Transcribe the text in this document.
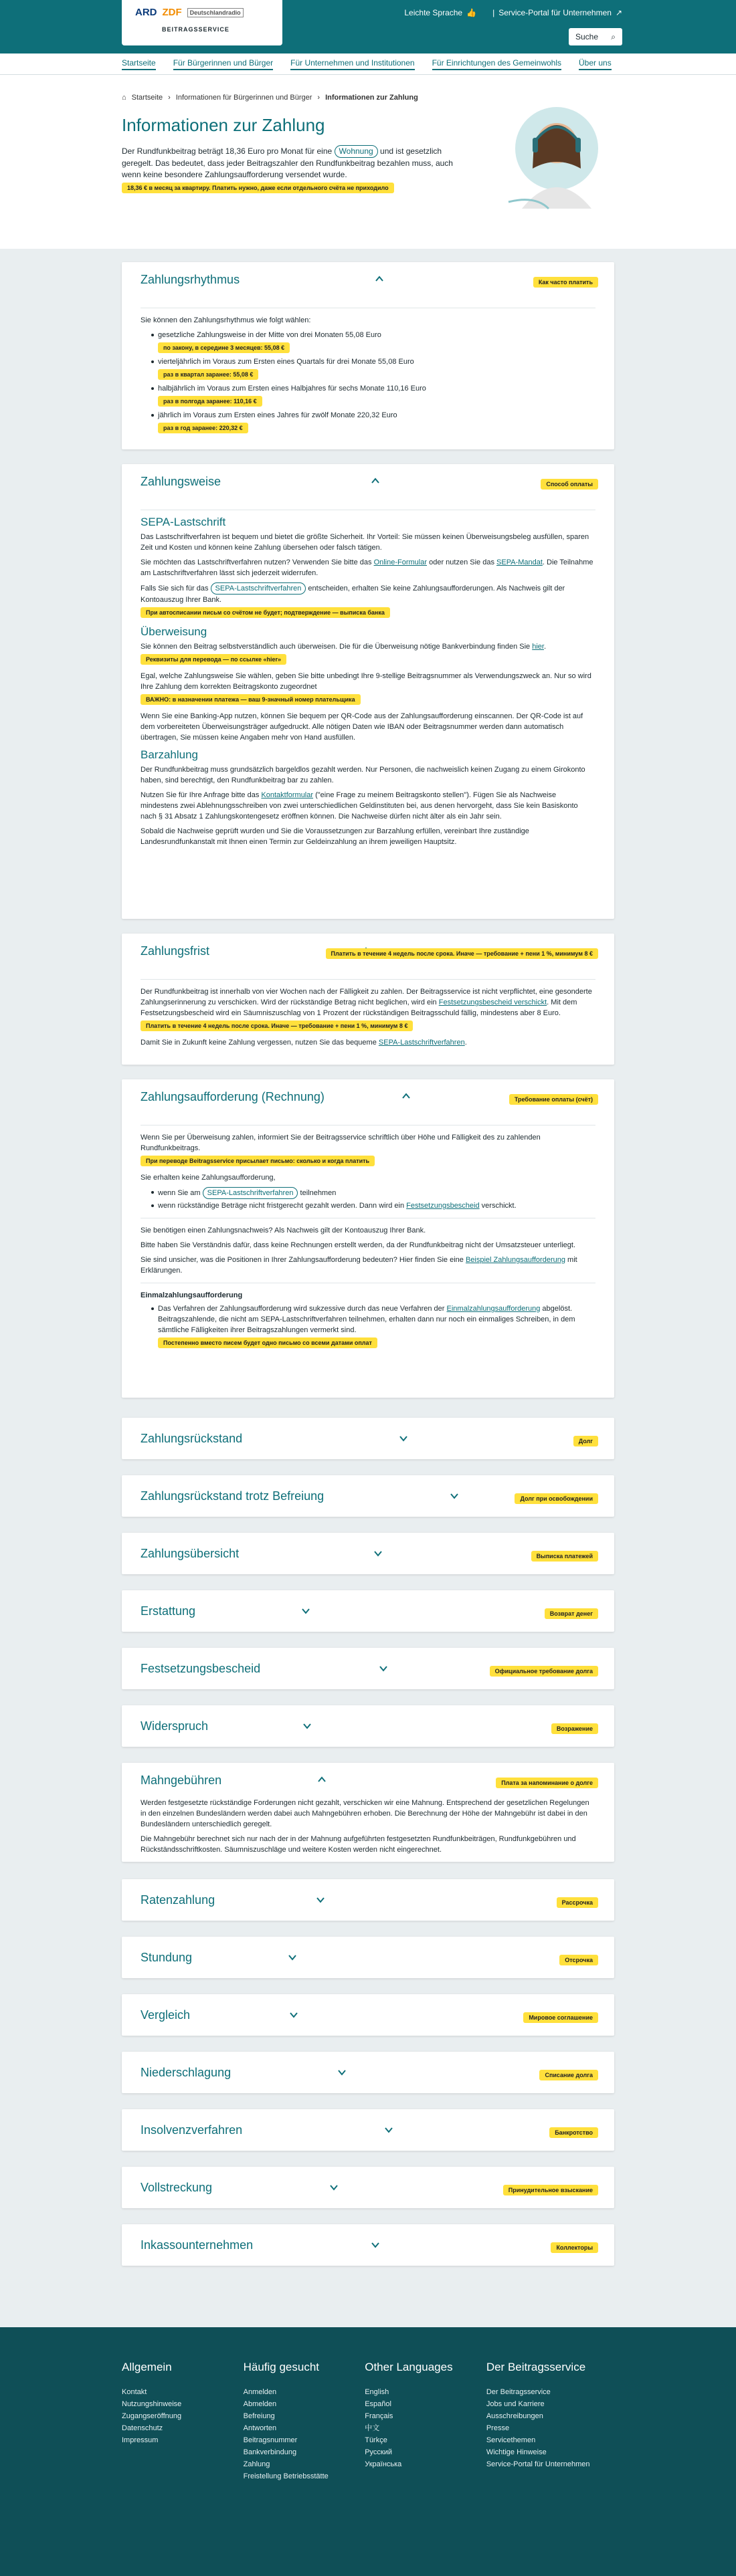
ARD ZDF	Deutschlandradio
BEITRAGSSERVICE
Leichte Sprache 👍 | Service-Portal für Unternehmen ↗
Suche ⌕
Startseite Für Bürgerinnen und Bürger Für Unternehmen und Institutionen Für Einrichtungen des Gemeinwohls Über uns
⌂ Startseite › Informationen für Bürgerinnen und Bürger › Informationen zur Zahlung
Informationen zur Zahlung
Der Rundfunkbeitrag beträgt 18,36 Euro pro Monat für eine Wohnung und ist gesetzlich geregelt. Das bedeutet, dass jeder Beitragszahler den Rundfunkbeitrag bezahlen muss, auch wenn keine besondere Zahlungsaufforderung versendet wurde.
18,36 € в месяц за квартиру. Платить нужно, даже если отдельного счёта не приходило
Zahlungsrhythmus	Как часто платить

Sie können den Zahlungsrhythmus wie folgt wählen:

gesetzliche Zahlungsweise in der Mitte von drei Monaten 55,08 Euro
по закону, в середине 3 месяцев: 55,08 €
vierteljährlich im Voraus zum Ersten eines Quartals für drei Monate 55,08 Euro
раз в квартал заранее: 55,08 €
halbjährlich im Voraus zum Ersten eines Halbjahres für sechs Monate 110,16 Euro
раз в полгода заранее: 110,16 €
jährlich im Voraus zum Ersten eines Jahres für zwölf Monate 220,32 Euro
раз в год заранее: 220,32 €
Zahlungsweise	Способ оплаты
SEPA-Lastschrift

Das Lastschriftverfahren ist bequem und bietet die größte Sicherheit. Ihr Vorteil: Sie müssen keinen Überweisungsbeleg ausfüllen, sparen Zeit und Kosten und können keine Zahlung übersehen oder falsch tätigen.

Sie möchten das Lastschriftverfahren nutzen? Verwenden Sie bitte das Online-Formular oder nutzen Sie das SEPA-Mandat. Die Teilnahme am Lastschriftverfahren lässt sich jederzeit widerrufen.

Falls Sie sich für das SEPA-Lastschriftverfahren entscheiden, erhalten Sie keine Zahlungsaufforderungen. Als Nachweis gilt der Kontoauszug Ihrer Bank.
При автосписании письм со счётом не будет; подтверждение — выписка банка

Überweisung

Sie können den Beitrag selbstverständlich auch überweisen. Die für die Überweisung nötige Bankverbindung finden Sie hier.
Реквизиты для перевода — по ссылке «hier»

Egal, welche Zahlungsweise Sie wählen, geben Sie bitte unbedingt Ihre 9-stellige Beitragsnummer als Verwendungszweck an. Nur so wird Ihre Zahlung dem korrekten Beitragskonto zugeordnet
ВАЖНО: в назначении платежа — ваш 9-значный номер плательщика

Wenn Sie eine Banking-App nutzen, können Sie bequem per QR-Code aus der Zahlungsaufforderung einscannen. Der QR-Code ist auf dem vorbereiteten Überweisungsträger aufgedruckt. Alle nötigen Daten wie IBAN oder Beitragsnummer werden dann automatisch übertragen, Sie müssen keine Angaben mehr von Hand ausfüllen.

Barzahlung

Der Rundfunkbeitrag muss grundsätzlich bargeldlos gezahlt werden. Nur Personen, die nachweislich keinen Zugang zu einem Girokonto haben, sind berechtigt, den Rundfunkbeitrag bar zu zahlen.

Nutzen Sie für Ihre Anfrage bitte das Kontaktformular ("eine Frage zu meinem Beitragskonto stellen"). Fügen Sie als Nachweise mindestens zwei Ablehnungsschreiben von zwei unterschiedlichen Geldinstituten bei, aus denen hervorgeht, dass Sie kein Basiskonto nach § 31 Absatz 1 Zahlungskontengesetz eröffnen können. Die Nachweise dürfen nicht älter als ein Jahr sein.

Sobald die Nachweise geprüft wurden und Sie die Voraussetzungen zur Barzahlung erfüllen, vereinbart Ihre zuständige Landesrundfunkanstalt mit Ihnen einen Termin zur Geldeinzahlung an ihrem jeweiligen Hauptsitz.

Zahlungsfrist	Платить в течение 4 недель после срока. Иначе — требование + пени 1 %, минимум 8 €

Der Rundfunkbeitrag ist innerhalb von vier Wochen nach der Fälligkeit zu zahlen. Der Beitragsservice ist nicht verpflichtet, eine gesonderte Zahlungserinnerung zu verschicken. Wird der rückständige Betrag nicht beglichen, wird ein Festsetzungsbescheid verschickt. Mit dem Festsetzungsbescheid wird ein Säumniszuschlag von 1 Prozent der rückständigen Beitragsschuld fällig, mindestens aber 8 Euro.
Платить в течение 4 недель после срока. Иначе — требование + пени 1 %, минимум 8 €

Damit Sie in Zukunft keine Zahlung vergessen, nutzen Sie das bequeme SEPA-Lastschriftverfahren.

Zahlungsaufforderung (Rechnung)	Требование оплаты (счёт)

Wenn Sie per Überweisung zahlen, informiert Sie der Beitragsservice schriftlich über Höhe und Fälligkeit des zu zahlenden Rundfunkbeitrags.
При переводе Beitragsservice присылает письмо: сколько и когда платить

Sie erhalten keine Zahlungsaufforderung,

wenn Sie am SEPA-Lastschriftverfahren teilnehmen
wenn rückständige Beträge nicht fristgerecht gezahlt werden. Dann wird ein Festsetzungsbescheid verschickt.

Sie benötigen einen Zahlungsnachweis? Als Nachweis gilt der Kontoauszug Ihrer Bank.

Bitte haben Sie Verständnis dafür, dass keine Rechnungen erstellt werden, da der Rundfunkbeitrag nicht der Umsatzsteuer unterliegt.

Sie sind unsicher, was die Positionen in Ihrer Zahlungsaufforderung bedeuten? Hier finden Sie eine Beispiel Zahlungsaufforderung mit Erklärungen.

Einmalzahlungsaufforderung
Das Verfahren der Zahlungsaufforderung wird sukzessive durch das neue Verfahren der Einmalzahlungsaufforderung abgelöst. Beitragszahlende, die nicht am SEPA-Lastschriftverfahren teilnehmen, erhalten dann nur noch ein einmaliges Schreiben, in dem sämtliche Fälligkeiten ihrer Beitragszahlungen vermerkt sind.
Постепенно вместо писем будет одно письмо со всеми датами оплат
Zahlungsrückstand	Долг
Zahlungsrückstand trotz Befreiung	Долг при освобождении
Zahlungsübersicht	Выписка платежей
Erstattung	Возврат денег
Festsetzungsbescheid	Официальное требование долга
Widerspruch	Возражение
Mahngebühren	Плата за напоминание о долге

Werden festgesetzte rückständige Forderungen nicht gezahlt, verschicken wir eine Mahnung. Entsprechend der gesetzlichen Regelungen in den einzelnen Bundesländern werden dabei auch Mahngebühren erhoben. Die Berechnung der Höhe der Mahngebühr ist dabei in den Bundesländern unterschiedlich geregelt.

Die Mahngebühr berechnet sich nur nach der in der Mahnung aufgeführten festgesetzten Rundfunkbeiträgen, Rundfunkgebühren und Rückständsschriftkosten. Säumniszuschläge und weitere Kosten werden nicht eingerechnet.

Ratenzahlung	Рассрочка
Stundung	Отсрочка
Vergleich	Мировое соглашение
Niederschlagung	Списание долга
Insolvenzverfahren	Банкротство
Vollstreckung	Принудительное взыскание
Inkassounternehmen	Коллекторы
Allgemein
Kontakt
Nutzungshinweise
Zugangseröffnung
Datenschutz
Impressum
Häufig gesucht
Anmelden
Abmelden
Befreiung
Antworten
Beitragsnummer
Bankverbindung
Zahlung
Freistellung Betriebsstätte
Other Languages
English
Español
Français
中文
Türkçe
Русский
Українська
Der Beitragsservice
Der Beitragsservice
Jobs und Karriere
Ausschreibungen
Presse
Servicethemen
Wichtige Hinweise
Service-Portal für Unternehmen
